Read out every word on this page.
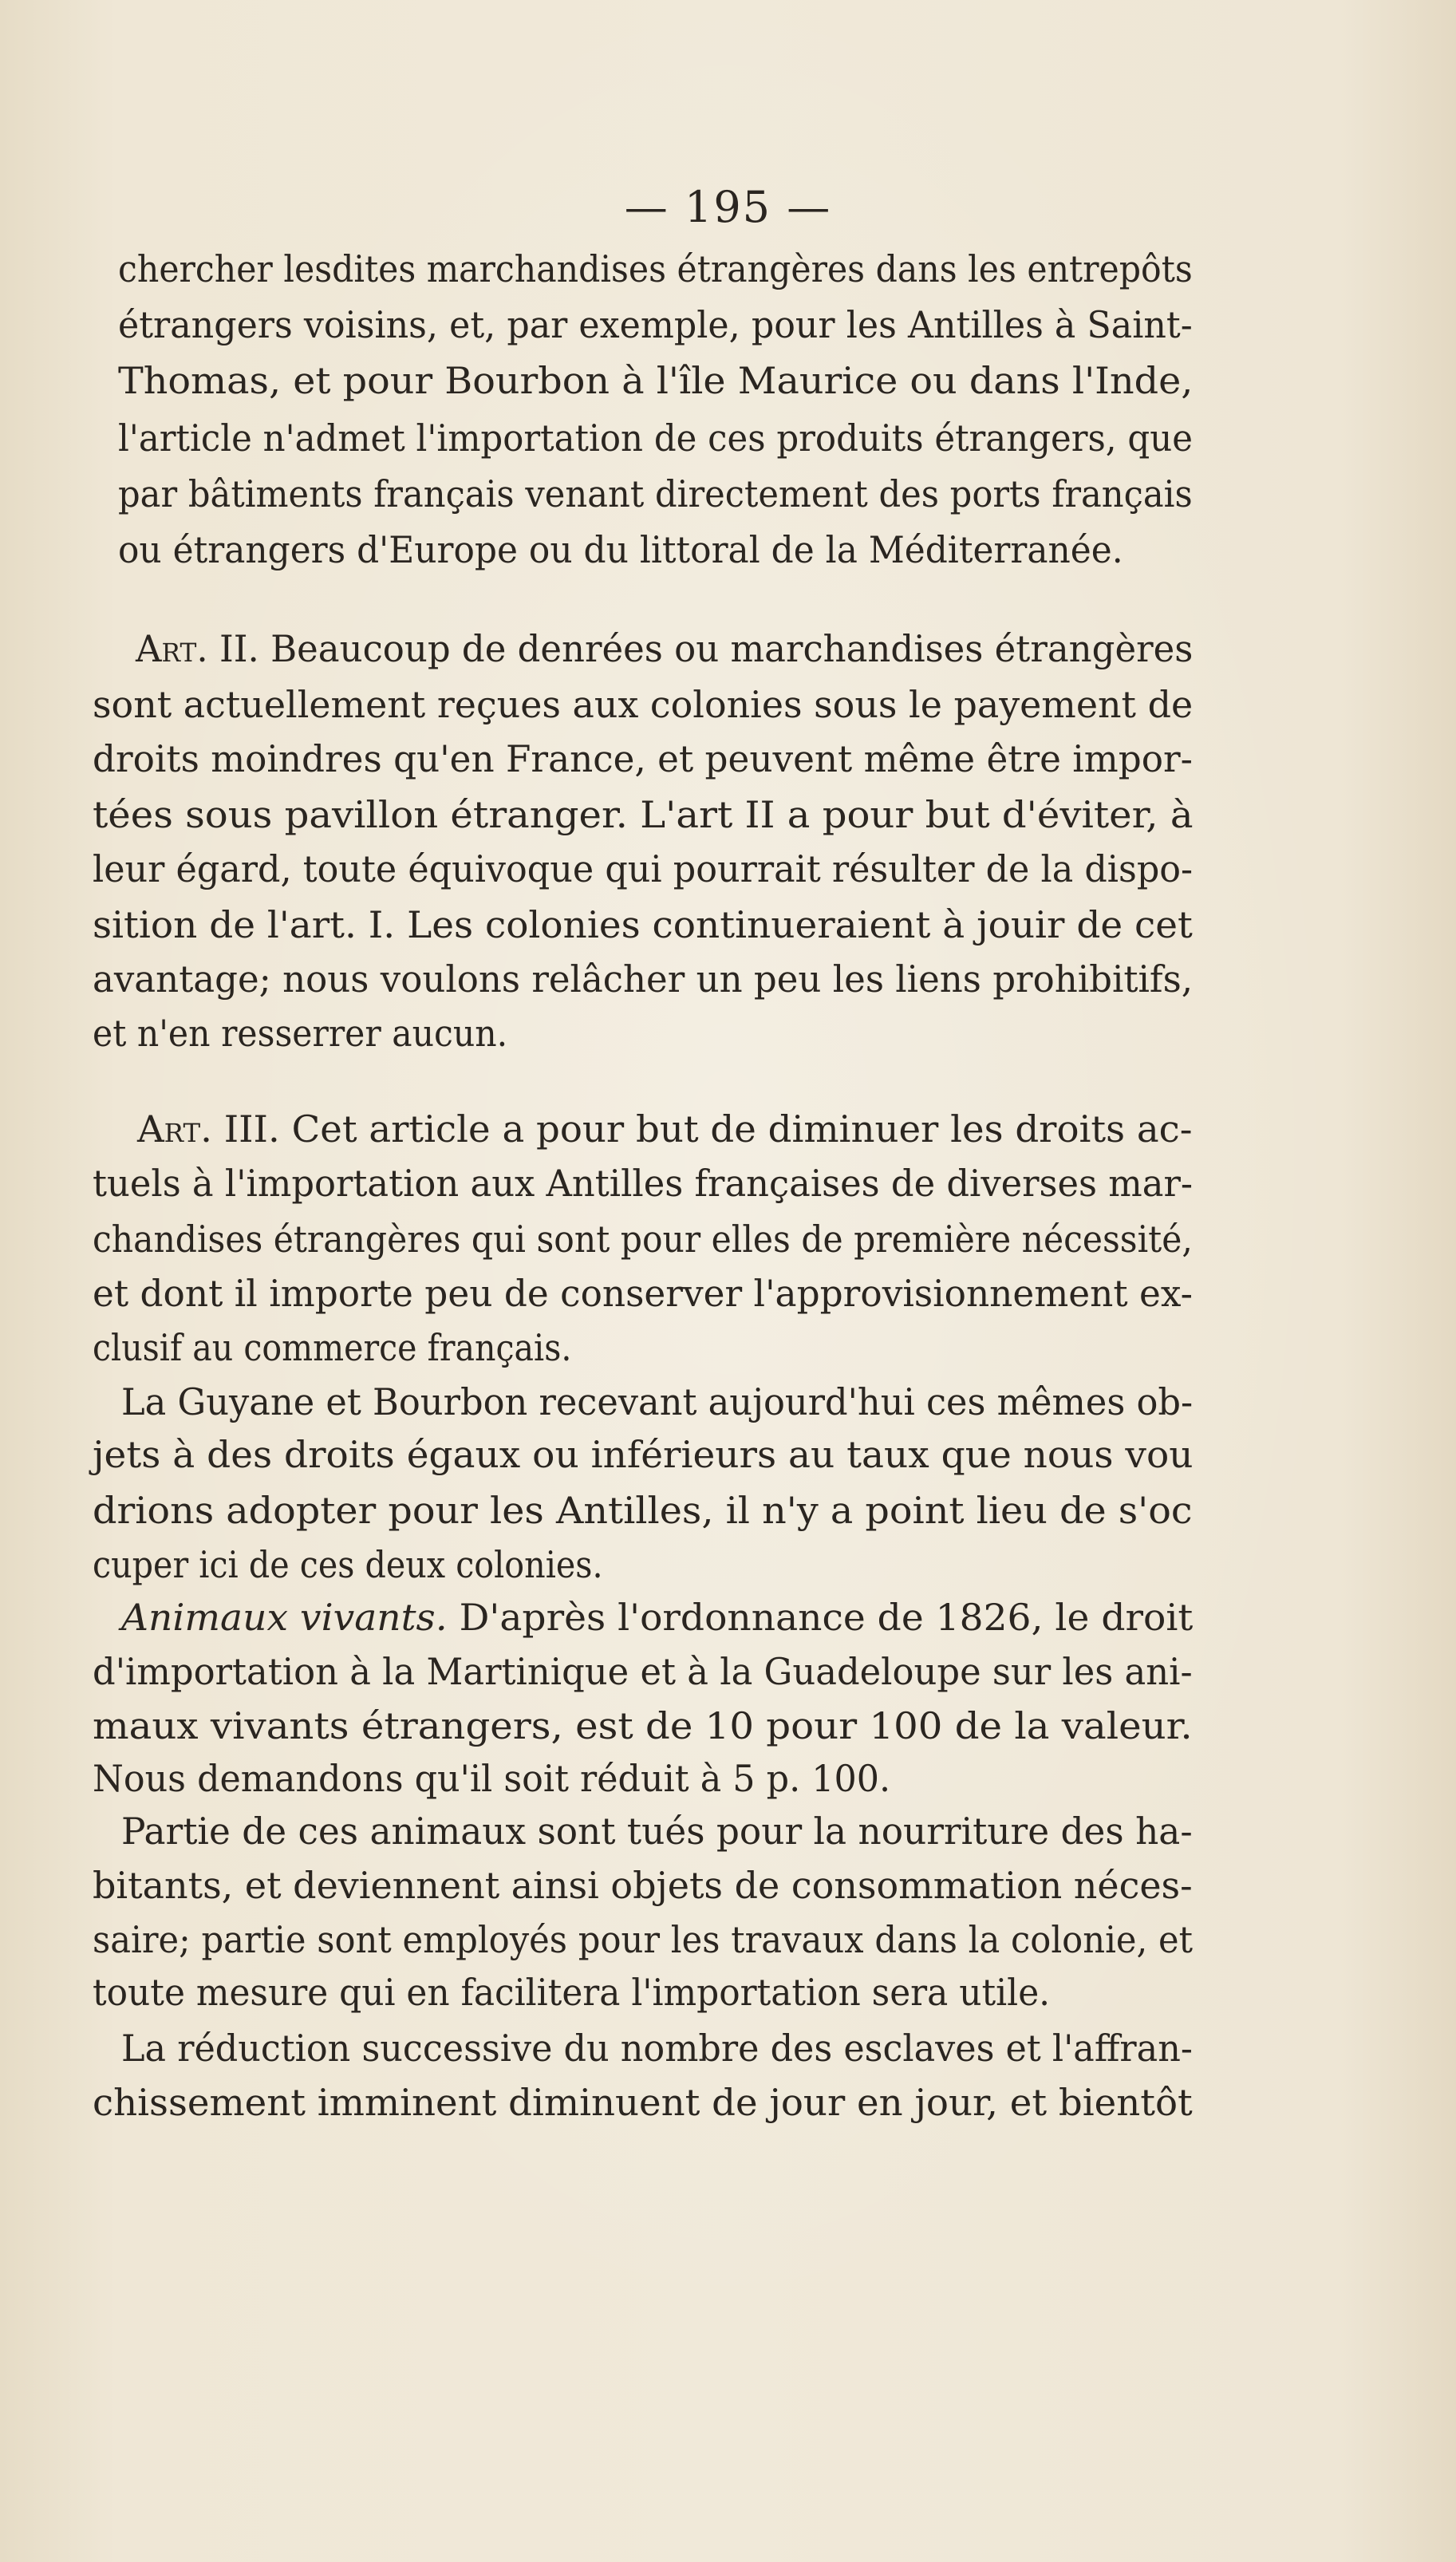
— 195 —
chercher lesdites marchandises étrangères dans les entrepôts
étrangers voisins, et, par exemple, pour les Antilles à Saint-
Thomas, et pour Bourbon à l'île Maurice ou dans l'Inde,
l'article n'admet l'importation de ces produits étrangers, que
par bâtiments français venant directement des ports français
ou étrangers d'Europe ou du littoral de la Méditerranée.
Art. II. Beaucoup de denrées ou marchandises étrangères
sont actuellement reçues aux colonies sous le payement de
droits moindres qu'en France, et peuvent même être impor-
tées sous pavillon étranger. L'art II a pour but d'éviter, à
leur égard, toute équivoque qui pourrait résulter de la dispo-
sition de l'art. I. Les colonies continueraient à jouir de cet
avantage; nous voulons relâcher un peu les liens prohibitifs,
et n'en resserrer aucun.
Art. III. Cet article a pour but de diminuer les droits ac-
tuels à l'importation aux Antilles françaises de diverses mar-
chandises étrangères qui sont pour elles de première nécessité,
et dont il importe peu de conserver l'approvisionnement ex-
clusif au commerce français.
La Guyane et Bourbon recevant aujourd'hui ces mêmes ob-
jets à des droits égaux ou inférieurs au taux que nous vou
drions adopter pour les Antilles, il n'y a point lieu de s'oc
cuper ici de ces deux colonies.
Animaux vivants. D'après l'ordonnance de 1826, le droit
d'importation à la Martinique et à la Guadeloupe sur les ani-
maux vivants étrangers, est de 10 pour 100 de la valeur.
Nous demandons qu'il soit réduit à 5 p. 100.
Partie de ces animaux sont tués pour la nourriture des ha-
bitants, et deviennent ainsi objets de consommation néces-
saire; partie sont employés pour les travaux dans la colonie, et
toute mesure qui en facilitera l'importation sera utile.
La réduction successive du nombre des esclaves et l'affran-
chissement imminent diminuent de jour en jour, et bientôt
